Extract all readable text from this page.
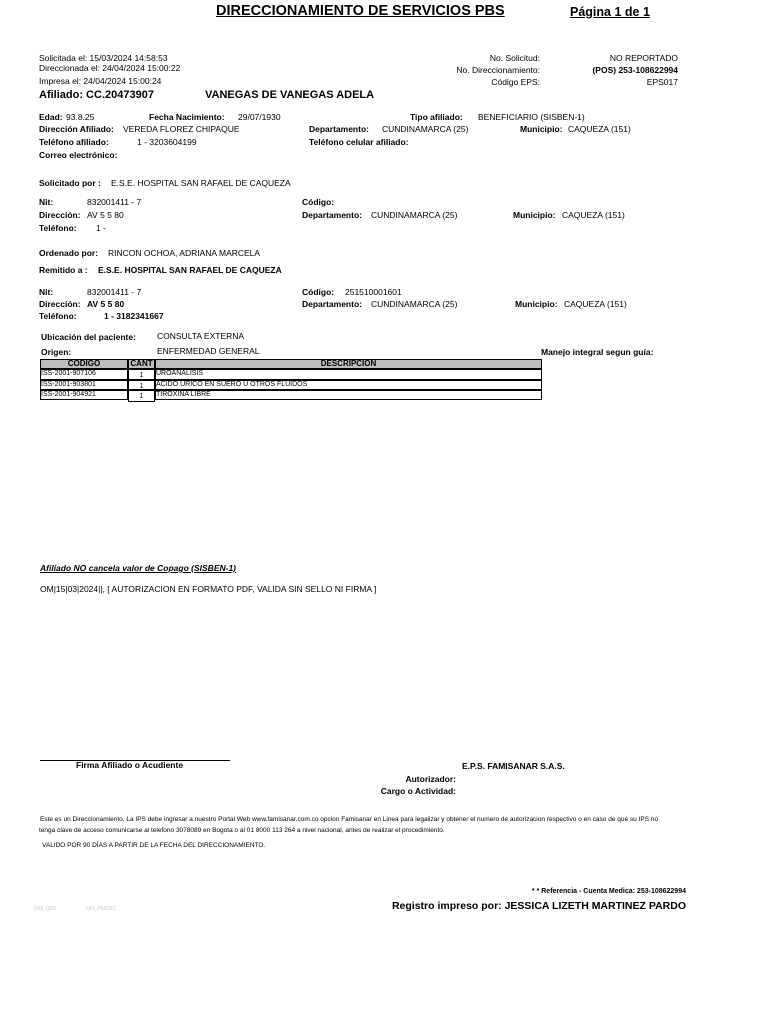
DIRECCIONAMIENTO DE SERVICIOS PBS	Página 1 de 1
Solicitada el: 15/03/2024 14:58:53
Direccionada el: 24/04/2024 15:00:22
Impresa el: 24/04/2024 15:00:24
No. Solicitud:	NO REPORTADO
No. Direccionamiento:	(POS) 253-108622994
Código EPS:	EPS017
Afiliado: CC.20473907	VANEGAS DE VANEGAS ADELA
Edad: 93.8.25	Fecha Nacimiento: 29/07/1930	Tipo afiliado: BENEFICIARIO (SISBEN-1)
Dirección Afiliado: VEREDA FLOREZ CHIPAQUE	Departamento: CUNDINAMARCA (25)	Municipio: CAQUEZA (151)
Teléfono afiliado:	1 - 3203604199	Teléfono celular afiliado:
Correo electrónico:
Solicitado por : E.S.E. HOSPITAL SAN RAFAEL DE CAQUEZA
Nit:	832001411 - 7	Código:
Dirección: AV 5 5 80	Departamento: CUNDINAMARCA (25)	Municipio: CAQUEZA (151)
Teléfono: 1 -
Ordenado por: RINCON OCHOA, ADRIANA MARCELA
Remitido a : E.S.E. HOSPITAL SAN RAFAEL DE CAQUEZA
Nit:	832001411 - 7	Código: 251510001601
Dirección: AV 5 5 80	Departamento: CUNDINAMARCA (25)	Municipio: CAQUEZA (151)
Teléfono:	1 - 3182341667
Ubicación del paciente: CONSULTA EXTERNA
Origen:	ENFERMEDAD GENERAL	Manejo integral segun guía:
CODIGO	CANT	DESCRIPCION
ISS-2001-907106	1	UROANALISIS
ISS-2001-903801	1	ACIDO URICO EN SUERO U OTROS FLUIDOS
ISS-2001-904921	1	TIROXINA LIBRE
Afiliado NO cancela valor de Copago (SISBEN-1)
OM|15|03|2024||, [ AUTORIZACION EN FORMATO PDF, VALIDA SIN SELLO NI FIRMA ]
Firma Afiliado o Acudiente	E.P.S. FAMISANAR S.A.S.
Autorizador:
Cargo o Actividad:
Este es un Direccionamiento. La IPS debe ingresar a nuestro Portal Web www.famisanar.com.co opcion Famisanar en Linea para legalizar y obtener el numero de autorizacion respectivo o en caso de que su IPS no
tenga clave de acceso comunicarse al telefono 3078089 en Bogota o al 01 8000 113 264 a nivel nacional, antes de realizar el procedimiento.
VALIDO POR 90 DÍAS A PARTIR DE LA FECHA DEL DIRECCIONAMIENTO.
* * Referencia - Cuenta Medica: 253-108622994
Registro impreso por: JESSICA LIZETH MARTINEZ PARDO
OM_Q01	NO_PRESC
